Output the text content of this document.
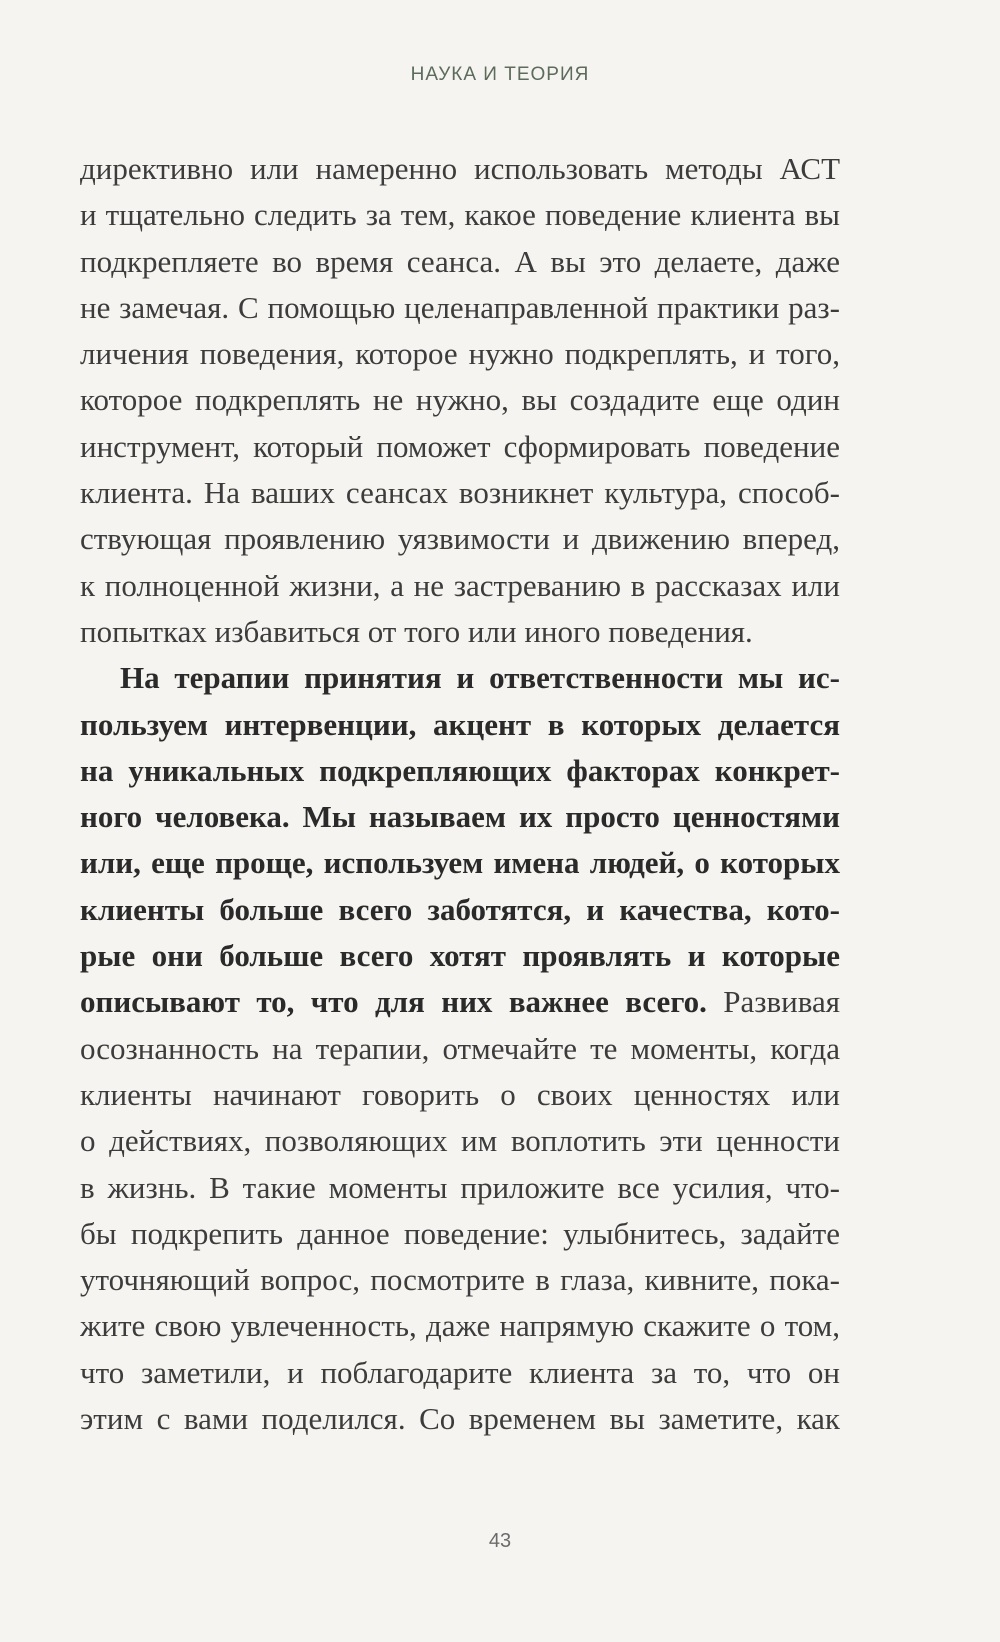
НАУКА И ТЕОРИЯ
директивно или намеренно использовать методы АСТ
и тщательно следить за тем, какое поведение клиента вы
подкрепляете во время сеанса. А вы это делаете, даже
не замечая. С помощью целенаправленной практики раз-
личения поведения, которое нужно подкреплять, и того,
которое подкреплять не нужно, вы создадите еще один
инструмент, который поможет сформировать поведение
клиента. На ваших сеансах возникнет культура, способ-
ствующая проявлению уязвимости и движению вперед,
к полноценной жизни, а не застреванию в рассказах или
попытках избавиться от того или иного поведения.
На терапии принятия и ответственности мы ис-
пользуем интервенции, акцент в которых делается
на уникальных подкрепляющих факторах конкрет-
ного человека. Мы называем их просто ценностями
или, еще проще, используем имена людей, о которых
клиенты больше всего заботятся, и качества, кото-
рые они больше всего хотят проявлять и которые
описывают то, что для них важнее всего. Развивая
осознанность на терапии, отмечайте те моменты, когда
клиенты начинают говорить о своих ценностях или
о действиях, позволяющих им воплотить эти ценности
в жизнь. В такие моменты приложите все усилия, что-
бы подкрепить данное поведение: улыбнитесь, задайте
уточняющий вопрос, посмотрите в глаза, кивните, пока-
жите свою увлеченность, даже напрямую скажите о том,
что заметили, и поблагодарите клиента за то, что он
этим с вами поделился. Со временем вы заметите, как
43
